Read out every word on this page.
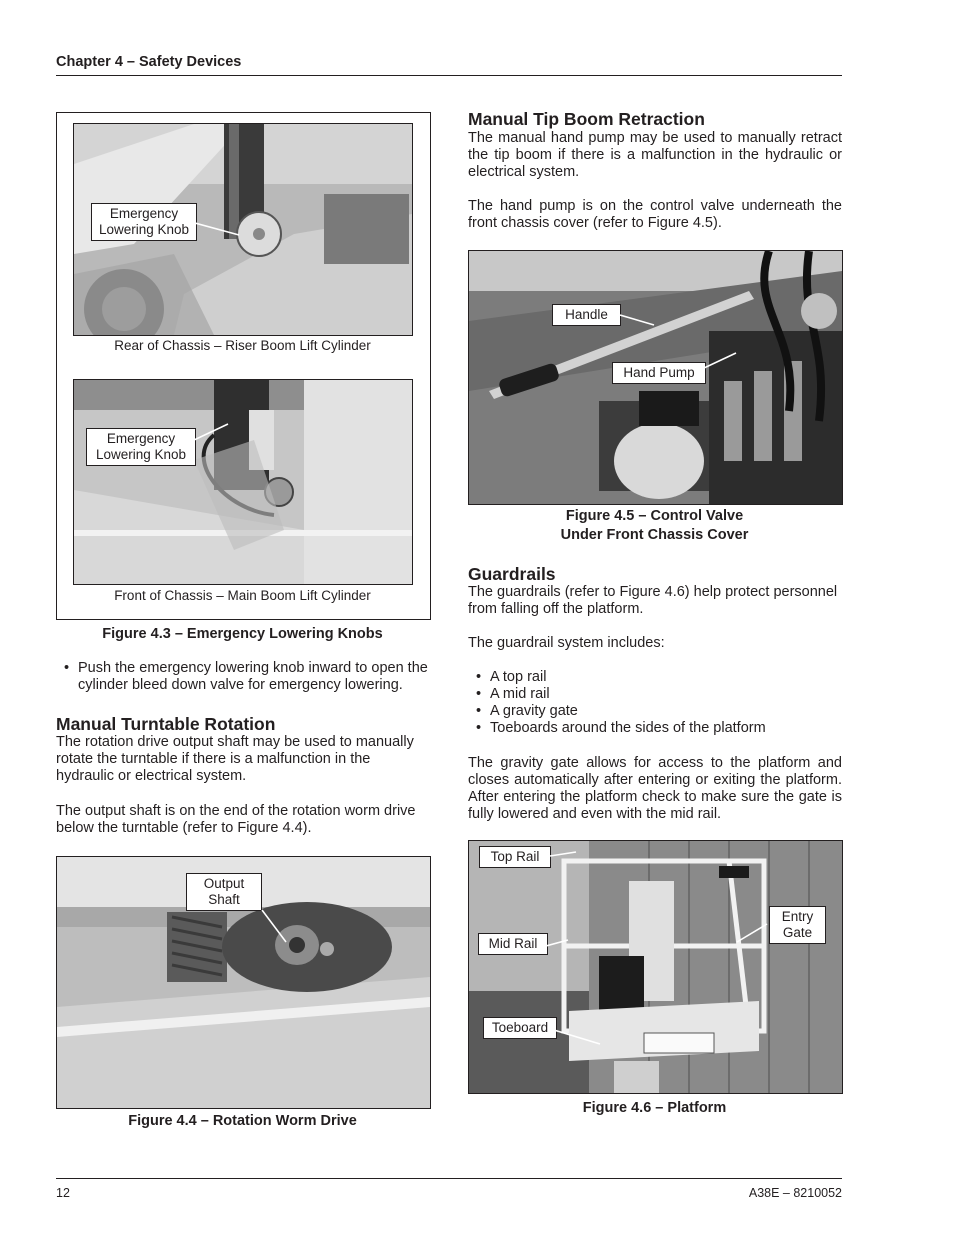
Chapter 4 – Safety Devices
Emergency
Lowering Knob
Rear of Chassis – Riser Boom Lift Cylinder
Emergency
Lowering Knob
Front of Chassis – Main Boom Lift Cylinder
Figure 4.3 – Emergency Lowering Knobs
• Push the emergency lowering knob inward to open the cylinder bleed down valve for emergency lowering.
Manual Turntable Rotation

The rotation drive output shaft may be used to manually rotate the turntable if there is a malfunction in the hydraulic or electrical system.

The output shaft is on the end of the rotation worm drive below the turntable (refer to Figure 4.4).

Output
Shaft
Figure 4.4 – Rotation Worm Drive
Manual Tip Boom Retraction

The manual hand pump may be used to manually retract the tip boom if there is a malfunction in the hydraulic or electrical system.

The hand pump is on the control valve underneath the front chassis cover (refer to Figure 4.5).

Handle
Hand Pump
Figure 4.5 – Control Valve
Under Front Chassis Cover
Guardrails

The guardrails (refer to Figure 4.6) help protect personnel from falling off the platform.

The guardrail system includes:

• A top rail
• A mid rail
• A gravity gate
• Toeboards around the sides of the platform

The gravity gate allows for access to the platform and closes automatically after entering or exiting the platform. After entering the platform check to make sure the gate is fully lowered and even with the mid rail.

Top Rail
Mid Rail
Toeboard
Entry
Gate
Figure 4.6 – Platform
12	A38E – 8210052
